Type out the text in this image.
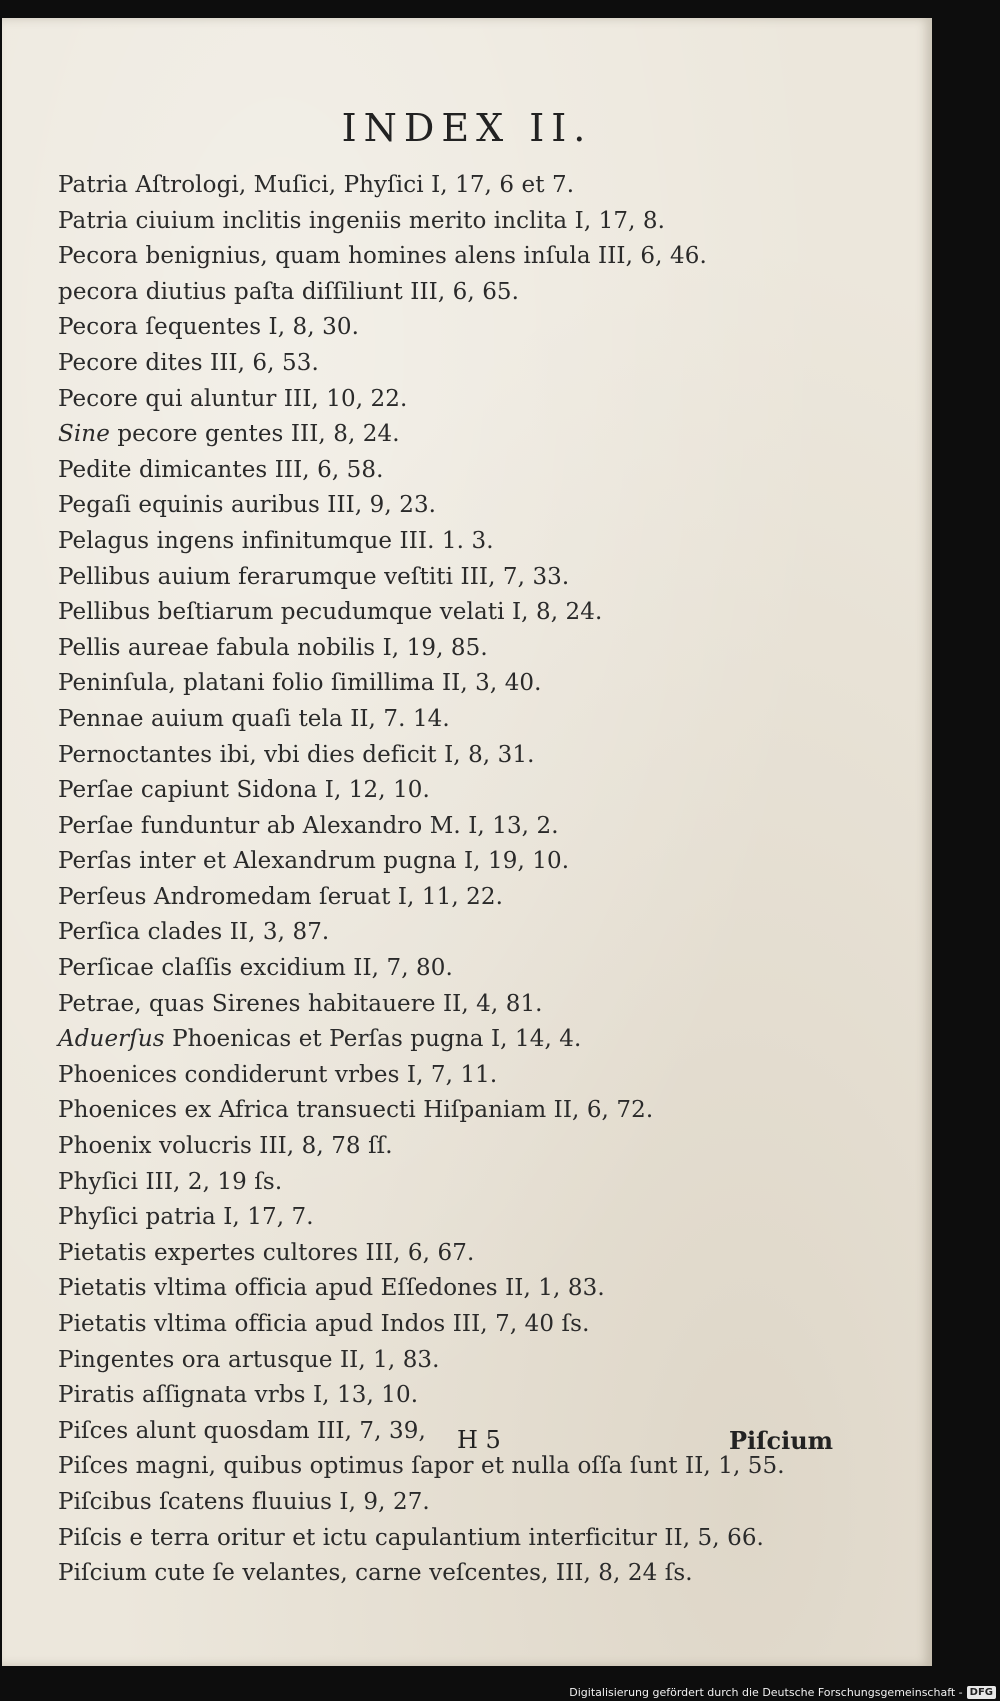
INDEX II.
Patria Aſtrologi, Muſici, Phyſici I, 17, 6 et 7.
Patria ciuium inclitis ingeniis merito inclita I, 17, 8.
Pecora benignius, quam homines alens inſula III, 6, 46.
pecora diutius paſta diſſiliunt III, 6, 65.
Pecora ſequentes I, 8, 30.
Pecore dites III, 6, 53.
Pecore qui aluntur III, 10, 22.
Sine pecore gentes III, 8, 24.
Pedite dimicantes III, 6, 58.
Pegaſi equinis auribus III, 9, 23.
Pelagus ingens infinitumque III. 1. 3.
Pellibus auium ferarumque veſtiti III, 7, 33.
Pellibus beſtiarum pecudumque velati I, 8, 24.
Pellis aureae fabula nobilis I, 19, 85.
Peninſula, platani folio ſimillima II, 3, 40.
Pennae auium quaſi tela II, 7. 14.
Pernoctantes ibi, vbi dies deficit I, 8, 31.
Perſae capiunt Sidona I, 12, 10.
Perſae funduntur ab Alexandro M. I, 13, 2.
Perſas inter et Alexandrum pugna I, 19, 10.
Perſeus Andromedam ſeruat I, 11, 22.
Perſica clades II, 3, 87.
Perſicae claſſis excidium II, 7, 80.
Petrae, quas Sirenes habitauere II, 4, 81.
Aduerſus Phoenicas et Perſas pugna I, 14, 4.
Phoenices condiderunt vrbes I, 7, 11.
Phoenices ex Africa transuecti Hiſpaniam II, 6, 72.
Phoenix volucris III, 8, 78 ſſ.
Phyſici III, 2, 19 ſs.
Phyſici patria I, 17, 7.
Pietatis expertes cultores III, 6, 67.
Pietatis vltima officia apud Eſſedones II, 1, 83.
Pietatis vltima officia apud Indos III, 7, 40 ſs.
Pingentes ora artusque II, 1, 83.
Piratis aſſignata vrbs I, 13, 10.
Piſces alunt quosdam III, 7, 39,
Piſces magni, quibus optimus ſapor et nulla oſſa ſunt II, 1, 55.
Piſcibus ſcatens fluuius I, 9, 27.
Piſcis e terra oritur et ictu capulantium interficitur II, 5, 66.
Piſcium cute ſe velantes, carne veſcentes, III, 8, 24 ſs.
H 5	Piſcium
Digitalisierung gefördert durch die Deutsche Forschungsgemeinschaft - DFG
